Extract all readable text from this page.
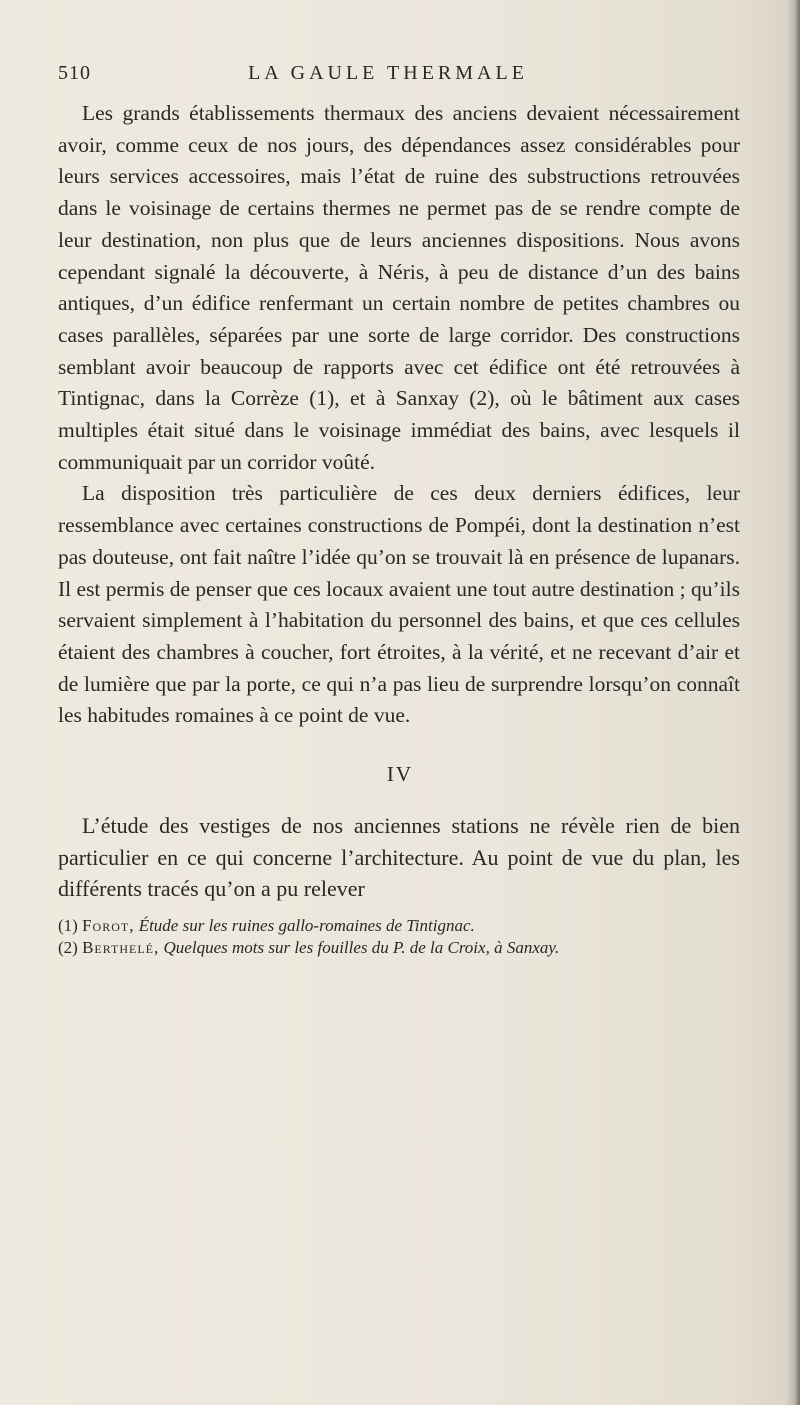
510	LA GAULE THERMALE

Les grands établissements thermaux des anciens devaient nécessairement avoir, comme ceux de nos jours, des dépendances assez considérables pour leurs services accessoires, mais l’état de ruine des substructions retrouvées dans le voisinage de certains thermes ne permet pas de se rendre compte de leur destination, non plus que de leurs anciennes dispositions. Nous avons cependant signalé la découverte, à Néris, à peu de distance d’un des bains antiques, d’un édifice renfermant un certain nombre de petites chambres ou cases parallèles, séparées par une sorte de large corridor. Des constructions semblant avoir beaucoup de rapports avec cet édifice ont été retrouvées à Tintignac, dans la Corrèze (1), et à Sanxay (2), où le bâtiment aux cases multiples était situé dans le voisinage immédiat des bains, avec lesquels il communiquait par un corridor voûté.

La disposition très particulière de ces deux derniers édifices, leur ressemblance avec certaines constructions de Pompéi, dont la destination n’est pas douteuse, ont fait naître l’idée qu’on se trouvait là en présence de lupanars. Il est permis de penser que ces locaux avaient une tout autre destination ; qu’ils servaient simplement à l’habitation du personnel des bains, et que ces cellules étaient des chambres à coucher, fort étroites, à la vérité, et ne recevant d’air et de lumière que par la porte, ce qui n’a pas lieu de surprendre lorsqu’on connaît les habitudes romaines à ce point de vue.

IV
L’étude des vestiges de nos anciennes stations ne révèle rien de bien particulier en ce qui concerne l’architecture. Au point de vue du plan, les différents tracés qu’on a pu relever

(1) Forot, Étude sur les ruines gallo-romaines de Tintignac.

(2) Berthelé, Quelques mots sur les fouilles du P. de la Croix, à Sanxay.
